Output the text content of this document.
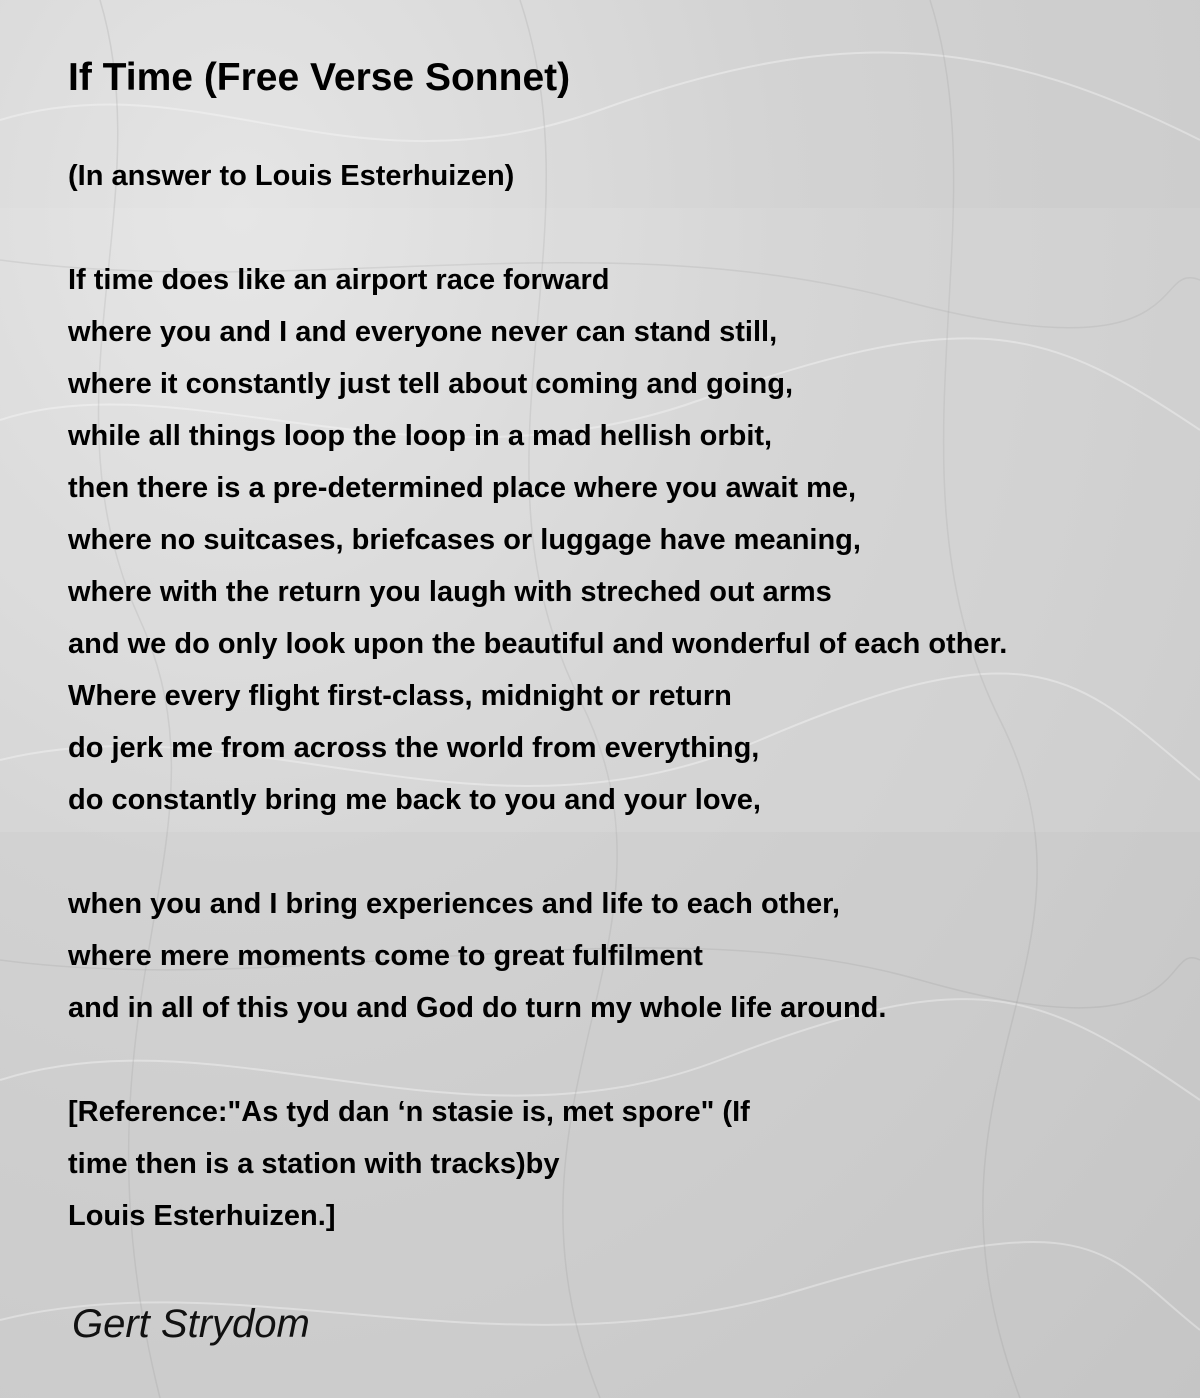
If Time (Free Verse Sonnet)
(In answer to Louis Esterhuizen)
If time does like an airport race forward
where you and I and everyone never can stand still,
where it constantly just tell about coming and going,
while all things loop the loop in a mad hellish orbit,
then there is a pre-determined place where you await me,
where no suitcases, briefcases or luggage have meaning,
where with the return you laugh with streched out arms
and we do only look upon the beautiful and wonderful of each other.
Where every flight first-class, midnight or return
do jerk me from across the world from everything,
do constantly bring me back to you and your love,
when you and I bring experiences and life to each other,
where mere moments come to great fulfilment
and in all of this you and God do turn my whole life around.
[Reference:"As tyd dan ‘n stasie is, met spore" (If
time then is a station with tracks)by
Louis Esterhuizen.]
Gert Strydom
